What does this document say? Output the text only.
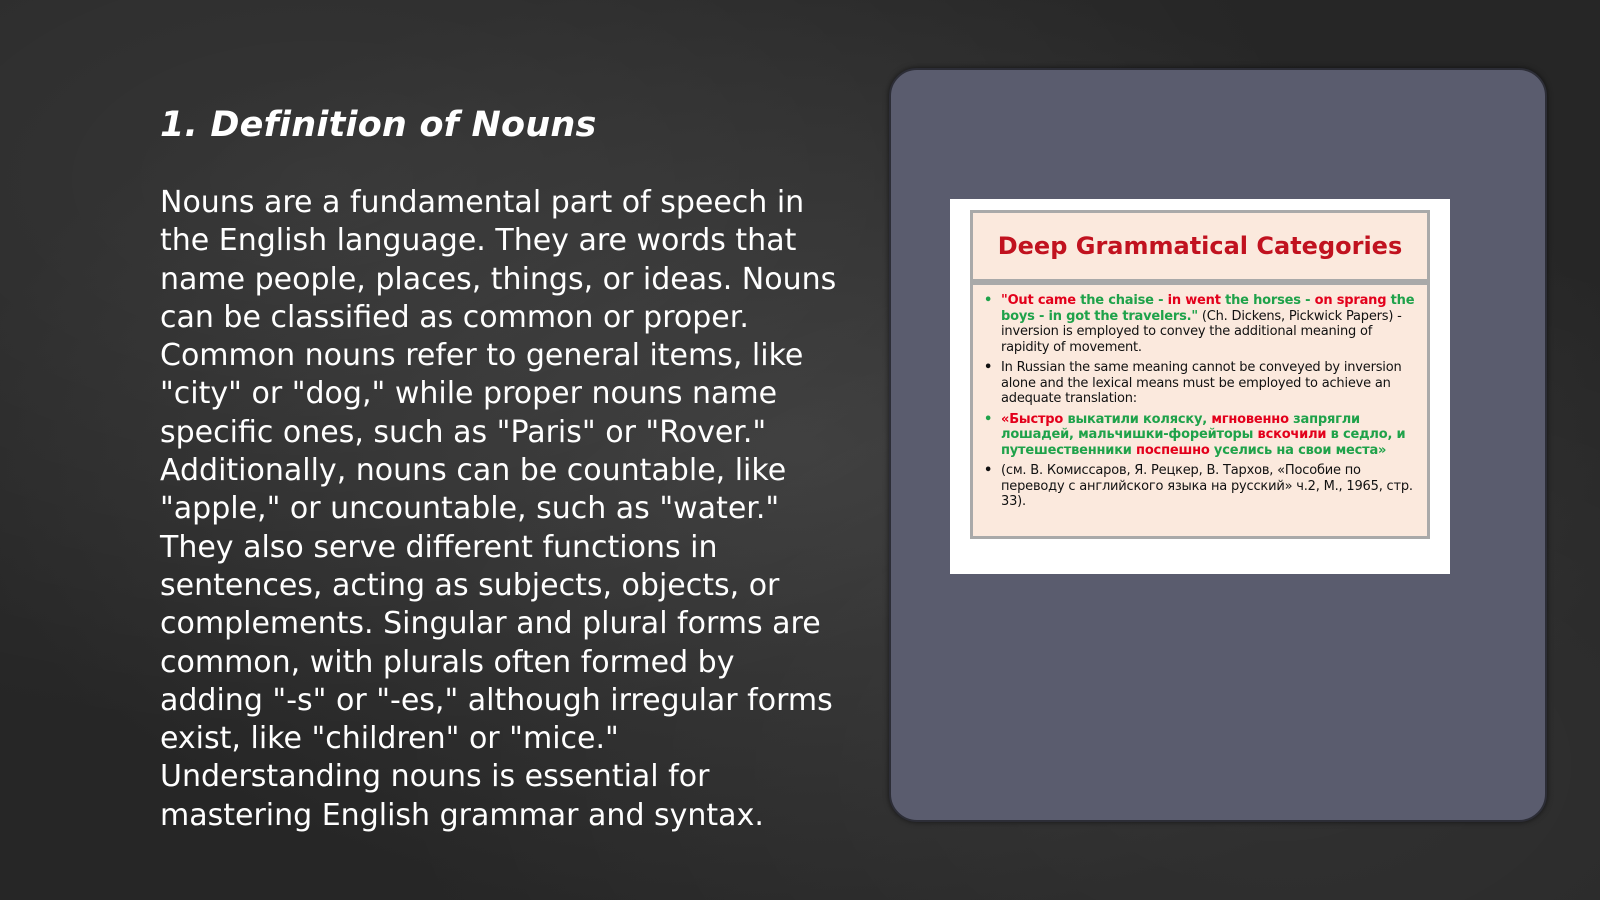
1. Definition of Nouns

Nouns are a fundamental part of speech in the English language. They are words that name people, places, things, or ideas. Nouns can be classified as common or proper. Common nouns refer to general items, like "city" or "dog," while proper nouns name specific ones, such as "Paris" or "Rover." Additionally, nouns can be countable, like "apple," or uncountable, such as "water." They also serve different functions in sentences, acting as subjects, objects, or complements. Singular and plural forms are common, with plurals often formed by adding "-s" or "-es," although irregular forms exist, like "children" or "mice." Understanding nouns is essential for mastering English grammar and syntax.

Deep Grammatical Categories
• "Out came the chaise - in went the horses - on sprang the boys - in got the travelers." (Ch. Dickens, Pickwick Papers) - inversion is employed to convey the additional meaning of rapidity of movement.
• In Russian the same meaning cannot be conveyed by inversion alone and the lexical means must be employed to achieve an adequate translation:
• «Быстро выкатили коляску, мгновенно запрягли лошадей, мальчишки-форейторы вскочили в седло, и путешественники поспешно уселись на свои места»
• (см. В. Комиссаров, Я. Рецкер, В. Тархов, «Пособие по переводу с английского языка на русский» ч.2, М., 1965, стр. 33).
